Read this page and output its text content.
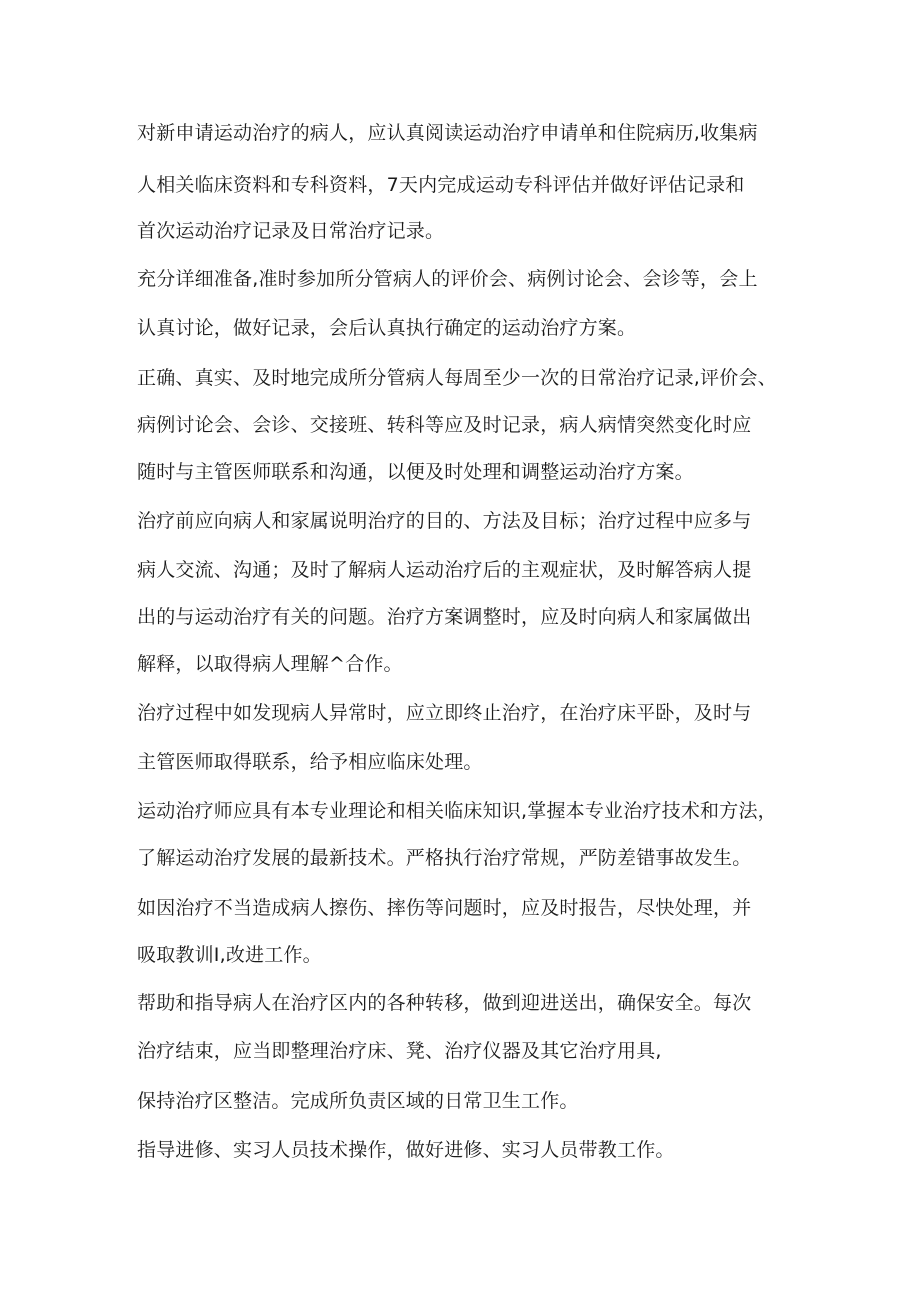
对新申请运动治疗的病人，应认真阅读运动治疗申请单和住院病历,收集病
人相关临床资料和专科资料，7天内完成运动专科评估并做好评估记录和
首次运动治疗记录及日常治疗记录。
充分详细准备,准时参加所分管病人的评价会、病例讨论会、会诊等，会上
认真讨论，做好记录，会后认真执行确定的运动治疗方案。
正确、真实、及时地完成所分管病人每周至少一次的日常治疗记录,评价会、
病例讨论会、会诊、交接班、转科等应及时记录，病人病情突然变化时应
随时与主管医师联系和沟通，以便及时处理和调整运动治疗方案。
治疗前应向病人和家属说明治疗的目的、方法及目标；治疗过程中应多与
病人交流、沟通；及时了解病人运动治疗后的主观症状，及时解答病人提
出的与运动治疗有关的问题。治疗方案调整时，应及时向病人和家属做出
解释，以取得病人理解^合作。
治疗过程中如发现病人异常时，应立即终止治疗，在治疗床平卧，及时与
主管医师取得联系，给予相应临床处理。
运动治疗师应具有本专业理论和相关临床知识,掌握本专业治疗技术和方法，
了解运动治疗发展的最新技术。严格执行治疗常规，严防差错事故发生。
如因治疗不当造成病人擦伤、摔伤等问题时，应及时报告，尽快处理，并
吸取教训I,改进工作。
帮助和指导病人在治疗区内的各种转移，做到迎进送出，确保安全。每次
治疗结束，应当即整理治疗床、凳、治疗仪器及其它治疗用具,
保持治疗区整洁。完成所负责区域的日常卫生工作。
指导进修、实习人员技术操作，做好进修、实习人员带教工作。
